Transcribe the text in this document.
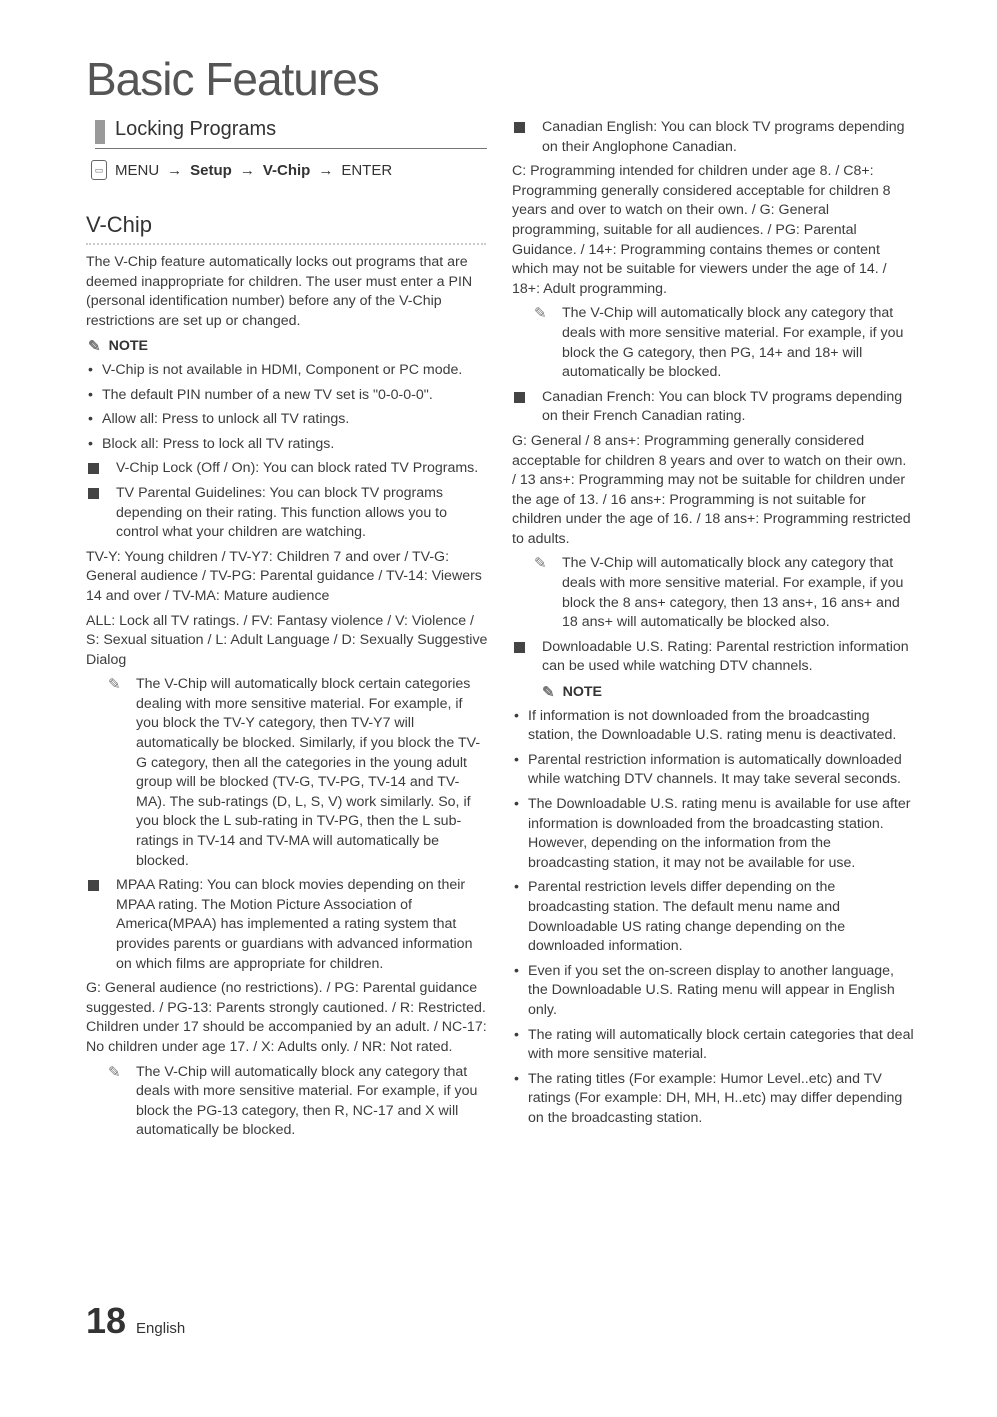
Basic Features
Locking Programs
▭ MENU → Setup → V-Chip → ENTER
V-Chip

The V-Chip feature automatically locks out programs that are deemed inappropriate for children. The user must enter a PIN (personal identification number) before any of the V-Chip restrictions are set up or changed.

✎ NOTE

• V-Chip is not available in HDMI, Component or PC mode.

• The default PIN number of a new TV set is "0-0-0-0".

• Allow all: Press to unlock all TV ratings.

• Block all: Press to lock all TV ratings.

V-Chip Lock (Off / On): You can block rated TV Programs.

TV Parental Guidelines: You can block TV programs depending on their rating. This function allows you to control what your children are watching.

TV-Y: Young children / TV-Y7: Children 7 and over / TV-G: General audience / TV-PG: Parental guidance / TV-14: Viewers 14 and over / TV-MA: Mature audience

ALL: Lock all TV ratings. / FV: Fantasy violence / V: Violence / S: Sexual situation / L: Adult Language / D: Sexually Suggestive Dialog

✎ The V-Chip will automatically block certain categories dealing with more sensitive material. For example, if you block the TV-Y category, then TV-Y7 will automatically be blocked. Similarly, if you block the TV-G category, then all the categories in the young adult group will be blocked (TV-G, TV-PG, TV-14 and TV-MA). The sub-ratings (D, L, S, V) work similarly. So, if you block the L sub-rating in TV-PG, then the L sub-ratings in TV-14 and TV-MA will automatically be blocked.

MPAA Rating: You can block movies depending on their MPAA rating. The Motion Picture Association of America(MPAA) has implemented a rating system that provides parents or guardians with advanced information on which films are appropriate for children.

G: General audience (no restrictions). / PG: Parental guidance suggested. / PG-13: Parents strongly cautioned. / R: Restricted. Children under 17 should be accompanied by an adult. / NC-17: No children under age 17. / X: Adults only. / NR: Not rated.

✎ The V-Chip will automatically block any category that deals with more sensitive material. For example, if you block the PG-13 category, then R, NC-17 and X will automatically be blocked.

Canadian English: You can block TV programs depending on their Anglophone Canadian.

C: Programming intended for children under age 8. / C8+: Programming generally considered acceptable for children 8 years and over to watch on their own. / G: General programming, suitable for all audiences. / PG: Parental Guidance. / 14+: Programming contains themes or content which may not be suitable for viewers under the age of 14. / 18+: Adult programming.

✎ The V-Chip will automatically block any category that deals with more sensitive material. For example, if you block the G category, then PG, 14+ and 18+ will automatically be blocked.

Canadian French: You can block TV programs depending on their French Canadian rating.

G: General / 8 ans+: Programming generally considered acceptable for children 8 years and over to watch on their own. / 13 ans+: Programming may not be suitable for children under the age of 13. / 16 ans+: Programming is not suitable for children under the age of 16. / 18 ans+: Programming restricted to adults.

✎ The V-Chip will automatically block any category that deals with more sensitive material. For example, if you block the 8 ans+ category, then 13 ans+, 16 ans+ and 18 ans+ will automatically be blocked also.

Downloadable U.S. Rating: Parental restriction information can be used while watching DTV channels.

✎ NOTE

• If information is not downloaded from the broadcasting station, the Downloadable U.S. rating menu is deactivated.

• Parental restriction information is automatically downloaded while watching DTV channels. It may take several seconds.

• The Downloadable U.S. rating menu is available for use after information is downloaded from the broadcasting station. However, depending on the information from the broadcasting station, it may not be available for use.

• Parental restriction levels differ depending on the broadcasting station. The default menu name and Downloadable US rating change depending on the downloaded information.

• Even if you set the on-screen display to another language, the Downloadable U.S. Rating menu will appear in English only.

• The rating will automatically block certain categories that deal with more sensitive material.

• The rating titles (For example: Humor Level..etc) and TV ratings (For example: DH, MH, H..etc) may differ depending on the broadcasting station.

18 English
